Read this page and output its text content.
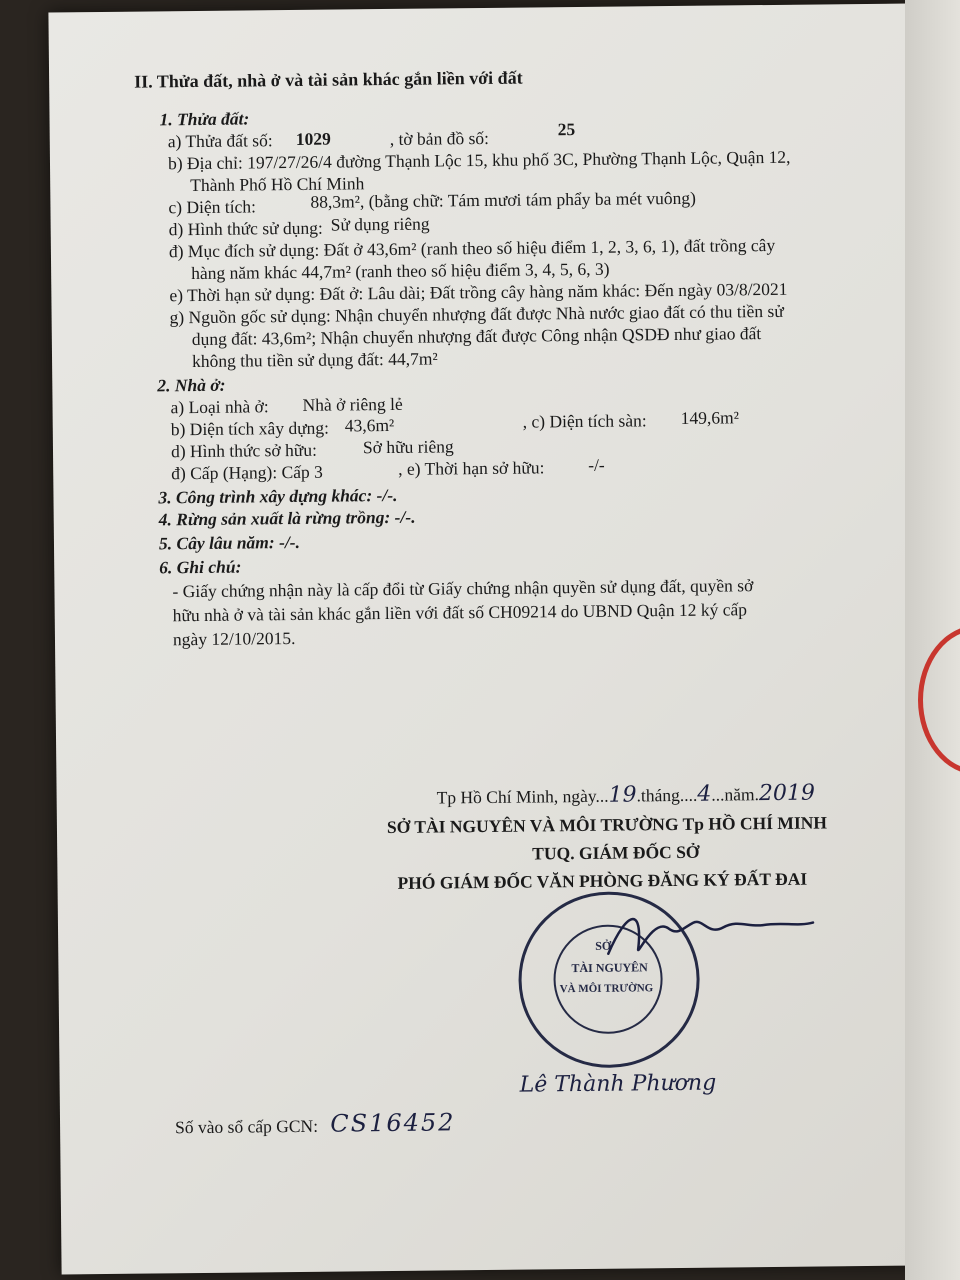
II. Thửa đất, nhà ở và tài sản khác gắn liền với đất
1. Thửa đất:
a) Thửa đất số: 1029	, tờ bản đồ số:	25
b) Địa chỉ: 197/27/26/4 đường Thạnh Lộc 15, khu phố 3C, Phường Thạnh Lộc, Quận 12,
Thành Phố Hồ Chí Minh
c) Diện tích:	88,3m², (bằng chữ: Tám mươi tám phẩy ba mét vuông)
d) Hình thức sử dụng: Sử dụng riêng
đ) Mục đích sử dụng: Đất ở 43,6m² (ranh theo số hiệu điểm 1, 2, 3, 6, 1), đất trồng cây
hàng năm khác 44,7m² (ranh theo số hiệu điểm 3, 4, 5, 6, 3)
e) Thời hạn sử dụng: Đất ở: Lâu dài; Đất trồng cây hàng năm khác: Đến ngày 03/8/2021
g) Nguồn gốc sử dụng: Nhận chuyển nhượng đất được Nhà nước giao đất có thu tiền sử
dụng đất: 43,6m²; Nhận chuyển nhượng đất được Công nhận QSDĐ như giao đất
không thu tiền sử dụng đất: 44,7m²
2. Nhà ở:
a) Loại nhà ở: Nhà ở riêng lẻ
b) Diện tích xây dựng: 43,6m²	, c) Diện tích sàn: 149,6m²
d) Hình thức sở hữu:	Sở hữu riêng
đ) Cấp (Hạng): Cấp 3	, e) Thời hạn sở hữu: -/-
3. Công trình xây dựng khác: -/-.
4. Rừng sản xuất là rừng trồng: -/-.
5. Cây lâu năm: -/-.
6. Ghi chú:
- Giấy chứng nhận này là cấp đổi từ Giấy chứng nhận quyền sử dụng đất, quyền sở
hữu nhà ở và tài sản khác gắn liền với đất số CH09214 do UBND Quận 12 ký cấp
ngày 12/10/2015.
Tp Hồ Chí Minh, ngày...19.tháng....4...năm.2019
SỞ TÀI NGUYÊN VÀ MÔI TRƯỜNG Tp HỒ CHÍ MINH
TUQ. GIÁM ĐỐC SỞ
PHÓ GIÁM ĐỐC VĂN PHÒNG ĐĂNG KÝ ĐẤT ĐAI
SỞ
TÀI NGUYÊN
VÀ MÔI TRƯỜNG
Lê Thành Phương
Số vào sổ cấp GCN: CS16452
